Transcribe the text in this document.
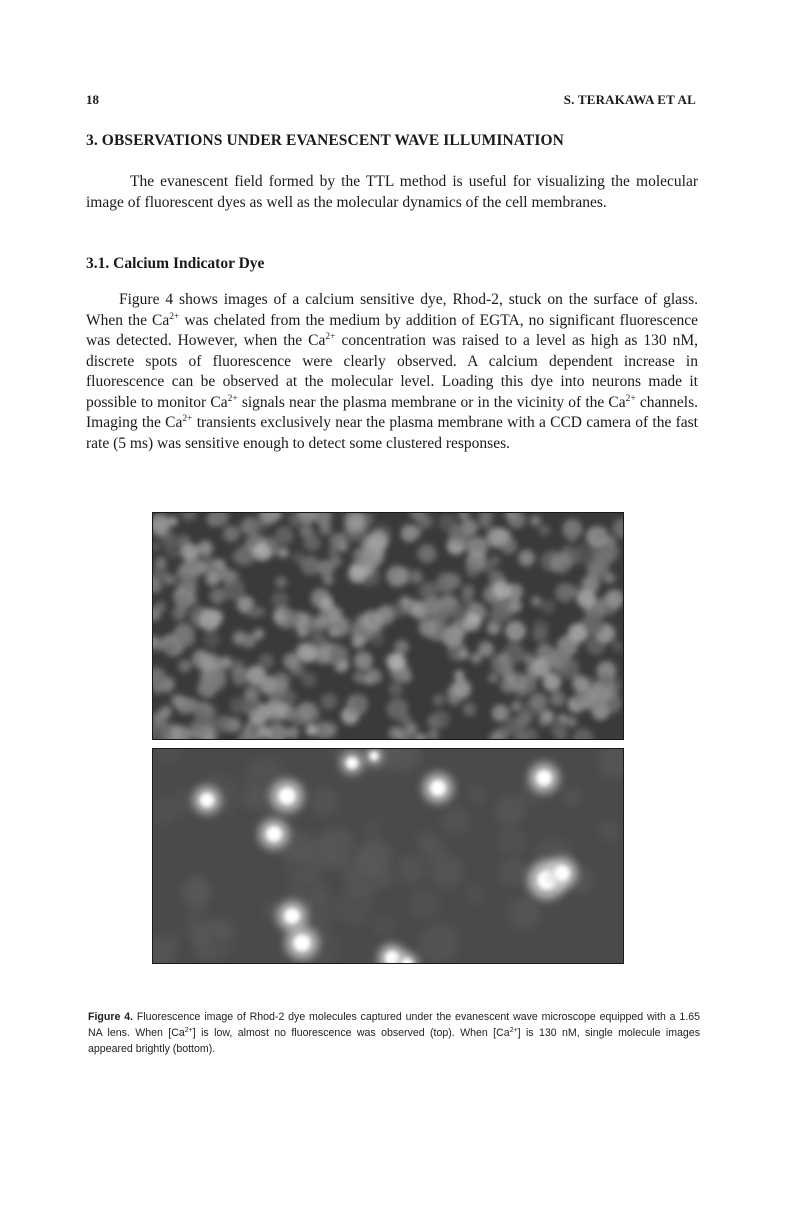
18	S. TERAKAWA ET AL
3. OBSERVATIONS UNDER EVANESCENT WAVE ILLUMINATION

The evanescent field formed by the TTL method is useful for visualizing the molecular image of fluorescent dyes as well as the molecular dynamics of the cell membranes.

3.1. Calcium Indicator Dye

Figure 4 shows images of a calcium sensitive dye, Rhod-2, stuck on the surface of glass. When the $Ca^{2+}$ was chelated from the medium by addition of EGTA, no significant fluorescence was detected. However, when the $Ca^{2+}$ concentration was raised to a level as high as 130 nM, discrete spots of fluorescence were clearly observed. A calcium dependent increase in fluorescence can be observed at the molecular level. Loading this dye into neurons made it possible to monitor $Ca^{2+}$ signals near the plasma membrane or in the vicinity of the $Ca^{2+}$ channels. Imaging the $Ca^{2+}$ transients exclusively near the plasma membrane with a CCD camera of the fast rate (5 ms) was sensitive enough to detect some clustered responses.

Figure 4. Fluorescence image of Rhod-2 dye molecules captured under the evanescent wave microscope equipped with a 1.65 NA lens. When $[Ca^{2+}]$ is low, almost no fluorescence was observed (top). When $[Ca^{2+}]$ is 130 nM, single molecule images appeared brightly (bottom).
